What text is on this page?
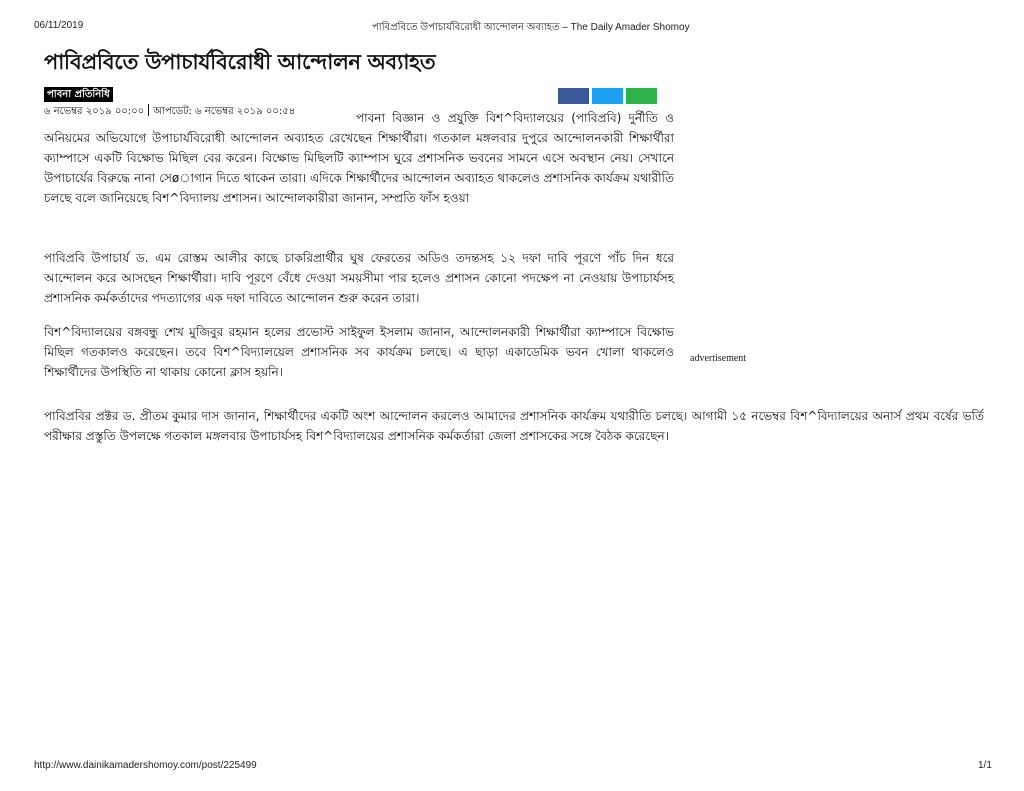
06/11/2019	পাবিপ্রবিতে উপাচার্যবিরোধী আন্দোলন অব্যাহত – The Daily Amader Shomoy
পাবিপ্রবিতে উপাচার্যবিরোধী আন্দোলন অব্যাহত
পাবনা প্রতিনিধি
৬ নভেম্বর ২০১৯ ০০:০০ আপডেট: ৬ নভেম্বর ২০১৯ ০০:৫৪	পাবনা বিজ্ঞান ও প্রযুক্তি বিশ^বিদ্যালয়ের (পাবিপ্রবি) দুর্নীতি ও অনিয়মের অভিযোগে উপাচার্যবিরোধী আন্দোলন অব্যাহত রেখেছেন শিক্ষার্থীরা। গতকাল মঙ্গলবার দুপুরে আন্দোলনকারী শিক্ষার্থীরা ক্যাম্পাসে একটি বিক্ষোভ মিছিল বের করেন। বিক্ষোভ মিছিলটি ক্যাম্পাস ঘুরে প্রশাসনিক ভবনের সামনে এসে অবস্থান নেয়। সেখানে উপাচার্যের বিরুদ্ধে নানা সেøাগান দিতে থাকেন তারা। এদিকে শিক্ষার্থীদের আন্দোলন অব্যাহত থাকলেও প্রশাসনিক কার্যক্রম যথারীতি চলছে বলে জানিয়েছে বিশ^বিদ্যালয় প্রশাসন। আন্দোলকারীরা জানান, সম্প্রতি ফাঁস হওয়া

পাবিপ্রবি উপাচার্য ড. এম রোস্তম আলীর কাছে চাকরিপ্রার্থীর ঘুষ ফেরতের অডিও তদন্তসহ ১২ দফা দাবি পূরণে পাঁচ দিন ধরে আন্দোলন করে আসছেন শিক্ষার্থীরা। দাবি পূরণে বেঁধে দেওয়া সময়সীমা পার হলেও প্রশাসন কোনো পদক্ষেপ না নেওয়ায় উপাচার্যসহ প্রশাসনিক কর্মকর্তাদের পদত্যাগের এক দফা দাবিতে আন্দোলন শুরু করেন তারা।

বিশ^বিদ্যালয়ের বঙ্গবন্ধু শেখ মুজিবুর রহমান হলের প্রভোস্ট সাইফুল ইসলাম জানান, আন্দোলনকারী শিক্ষার্থীরা ক্যাম্পাসে বিক্ষোভ মিছিল গতকালও করেছেন। তবে বিশ^বিদ্যালয়েল প্রশাসনিক সব কার্যক্রম চলছে। এ ছাড়া একাডেমিক ভবন খোলা থাকলেও শিক্ষার্থীদের উপস্থিতি না থাকায় কোনো ক্লাস হয়নি।

পাবিপ্রবির প্রক্টর ড. প্রীতম কুমার দাস জানান, শিক্ষার্থীদের একটি অংশ আন্দোলন করলেও আমাদের প্রশাসনিক কার্যক্রম যথারীতি চলছে। আগামী ১৫ নভেম্বর বিশ^বিদ্যালয়ের অনার্স প্রথম বর্ষের ভর্তি পরীক্ষার প্রস্তুতি উপলক্ষে গতকাল মঙ্গলবার উপাচার্যসহ বিশ^বিদ্যালয়ের প্রশাসনিক কর্মকর্তারা জেলা প্রশাসকের সঙ্গে বৈঠক করেছেন।

advertisement
http://www.dainikamadershomoy.com/post/225499	1/1
